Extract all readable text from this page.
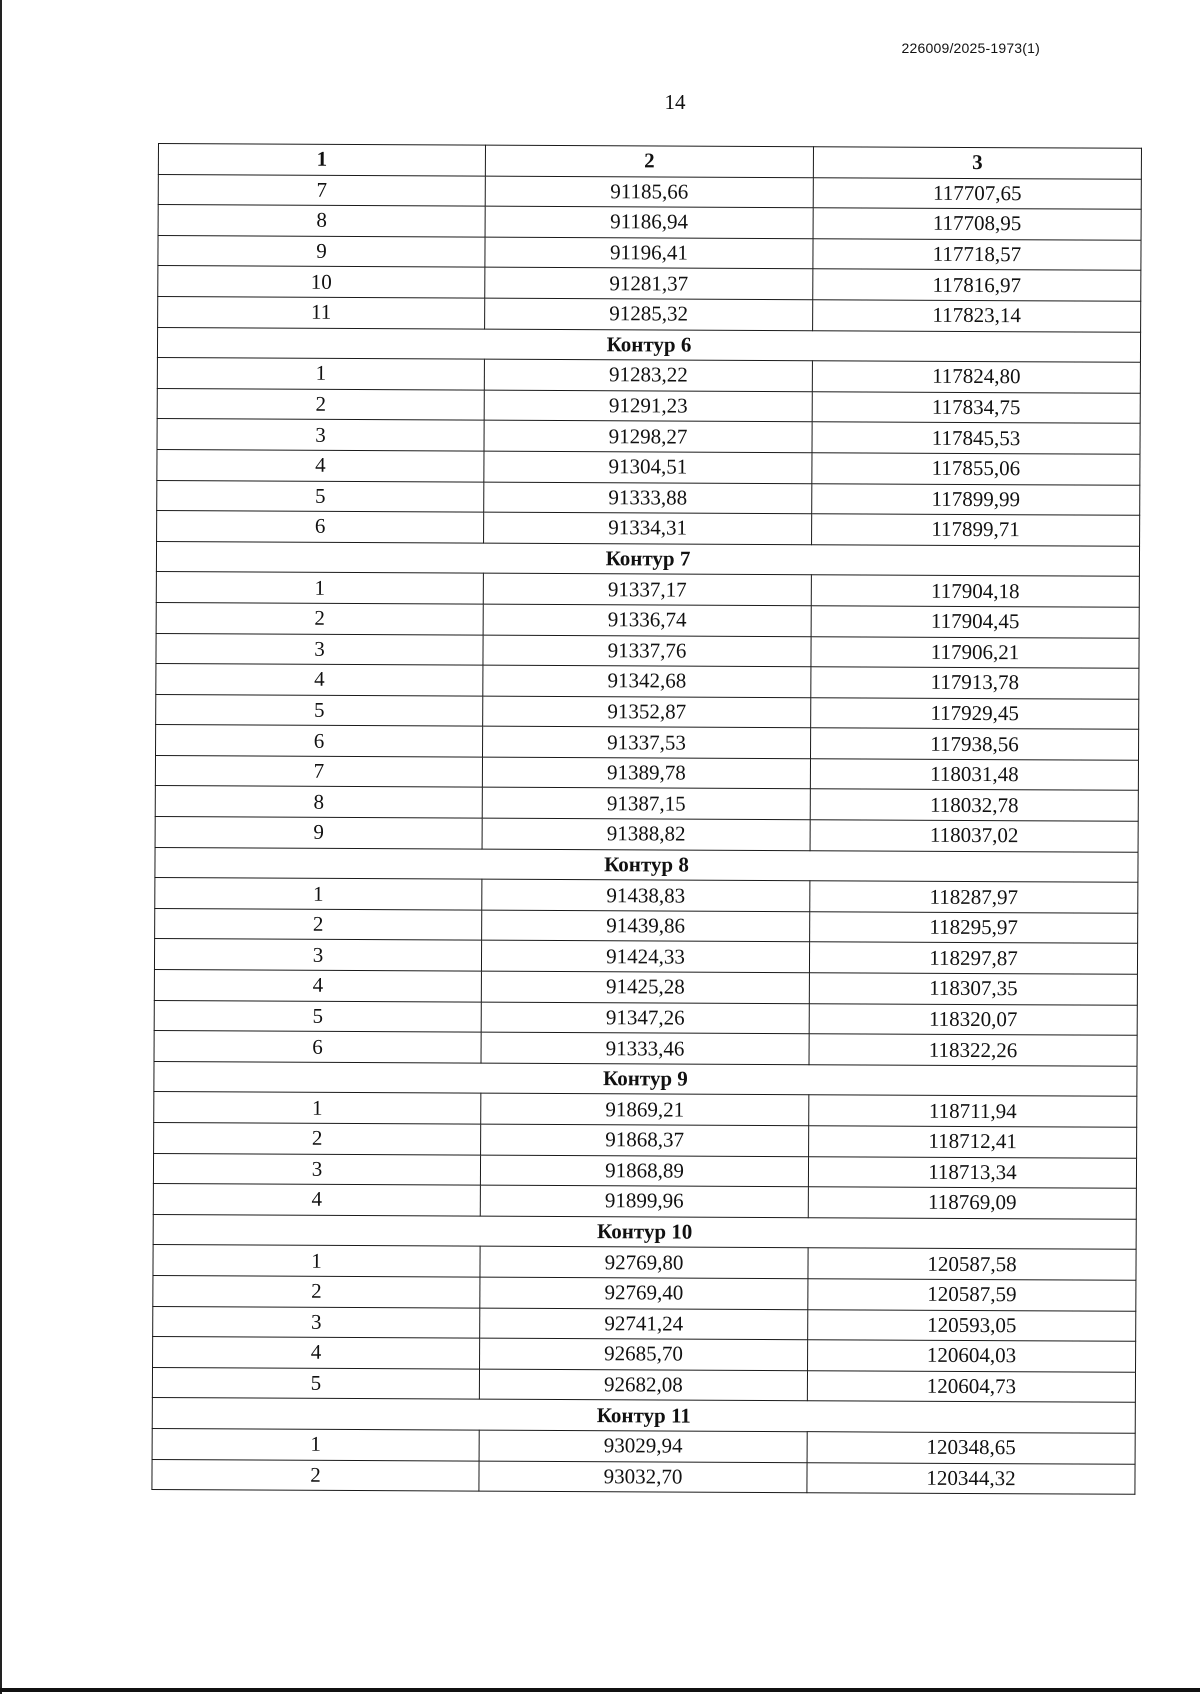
226009/2025-1973(1)
14
1	2	3
7	91185,66	117707,65
8	91186,94	117708,95
9	91196,41	117718,57
10	91281,37	117816,97
11	91285,32	117823,14
Контур 6		
1	91283,22	117824,80
2	91291,23	117834,75
3	91298,27	117845,53
4	91304,51	117855,06
5	91333,88	117899,99
6	91334,31	117899,71
Контур 7		
1	91337,17	117904,18
2	91336,74	117904,45
3	91337,76	117906,21
4	91342,68	117913,78
5	91352,87	117929,45
6	91337,53	117938,56
7	91389,78	118031,48
8	91387,15	118032,78
9	91388,82	118037,02
Контур 8		
1	91438,83	118287,97
2	91439,86	118295,97
3	91424,33	118297,87
4	91425,28	118307,35
5	91347,26	118320,07
6	91333,46	118322,26
Контур 9		
1	91869,21	118711,94
2	91868,37	118712,41
3	91868,89	118713,34
4	91899,96	118769,09
Контур 10		
1	92769,80	120587,58
2	92769,40	120587,59
3	92741,24	120593,05
4	92685,70	120604,03
5	92682,08	120604,73
Контур 11		
1	93029,94	120348,65
2	93032,70	120344,32
